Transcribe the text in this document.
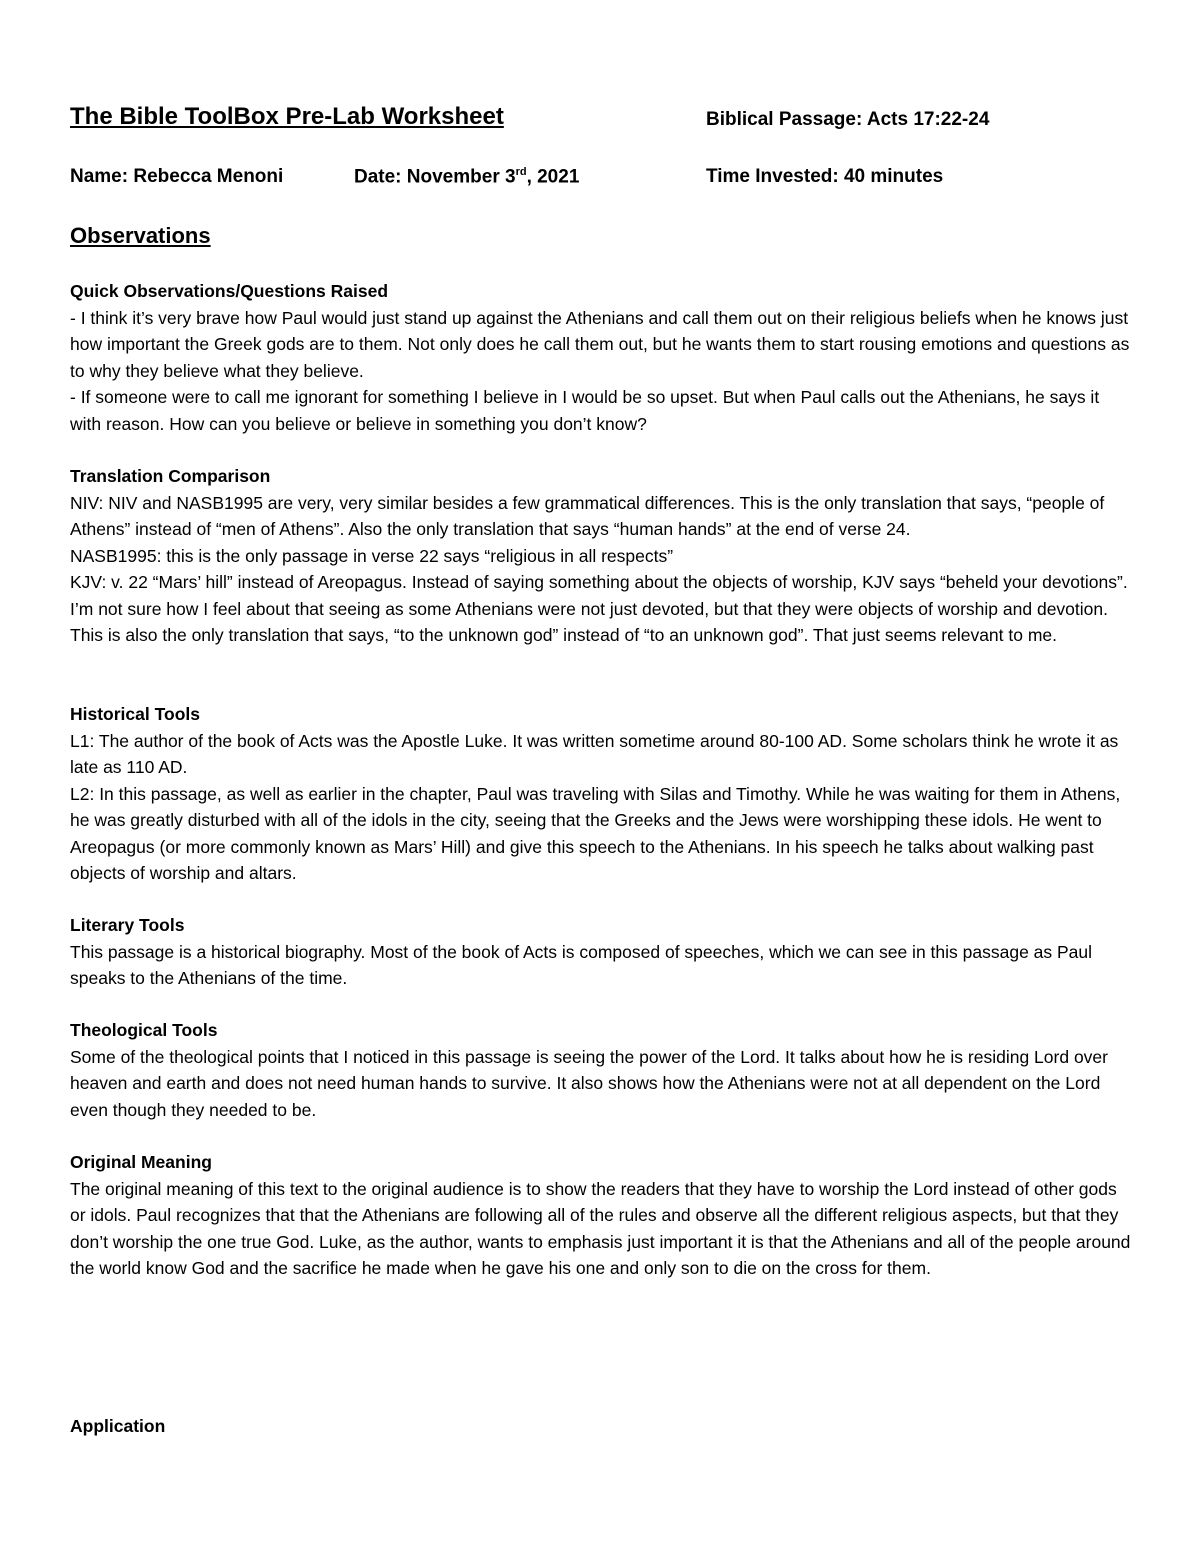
The Bible ToolBox Pre-Lab Worksheet	Biblical Passage: Acts 17:22-24
Name: Rebecca Menoni	Date: November 3rd, 2021	Time Invested: 40 minutes
Observations
Quick Observations/Questions Raised

- I think it’s very brave how Paul would just stand up against the Athenians and call them out on their religious beliefs when he knows just how important the Greek gods are to them. Not only does he call them out, but he wants them to start rousing emotions and questions as to why they believe what they believe.

- If someone were to call me ignorant for something I believe in I would be so upset. But when Paul calls out the Athenians, he says it with reason. How can you believe or believe in something you don’t know?

Translation Comparison

NIV: NIV and NASB1995 are very, very similar besides a few grammatical differences. This is the only translation that says, “people of Athens” instead of “men of Athens”. Also the only translation that says “human hands” at the end of verse 24.

NASB1995: this is the only passage in verse 22 says “religious in all respects”

KJV: v. 22 “Mars’ hill” instead of Areopagus. Instead of saying something about the objects of worship, KJV says “beheld your devotions”. I’m not sure how I feel about that seeing as some Athenians were not just devoted, but that they were objects of worship and devotion. This is also the only translation that says, “to the unknown god” instead of “to an unknown god”. That just seems relevant to me.

Historical Tools

L1: The author of the book of Acts was the Apostle Luke. It was written sometime around 80-100 AD. Some scholars think he wrote it as late as 110 AD.

L2: In this passage, as well as earlier in the chapter, Paul was traveling with Silas and Timothy. While he was waiting for them in Athens, he was greatly disturbed with all of the idols in the city, seeing that the Greeks and the Jews were worshipping these idols. He went to Areopagus (or more commonly known as Mars’ Hill) and give this speech to the Athenians. In his speech he talks about walking past objects of worship and altars.

Literary Tools

This passage is a historical biography. Most of the book of Acts is composed of speeches, which we can see in this passage as Paul speaks to the Athenians of the time.

Theological Tools

Some of the theological points that I noticed in this passage is seeing the power of the Lord. It talks about how he is residing Lord over heaven and earth and does not need human hands to survive. It also shows how the Athenians were not at all dependent on the Lord even though they needed to be.

Original Meaning

The original meaning of this text to the original audience is to show the readers that they have to worship the Lord instead of other gods or idols. Paul recognizes that that the Athenians are following all of the rules and observe all the different religious aspects, but that they don’t worship the one true God. Luke, as the author, wants to emphasis just important it is that the Athenians and all of the people around the world know God and the sacrifice he made when he gave his one and only son to die on the cross for them.

Application
